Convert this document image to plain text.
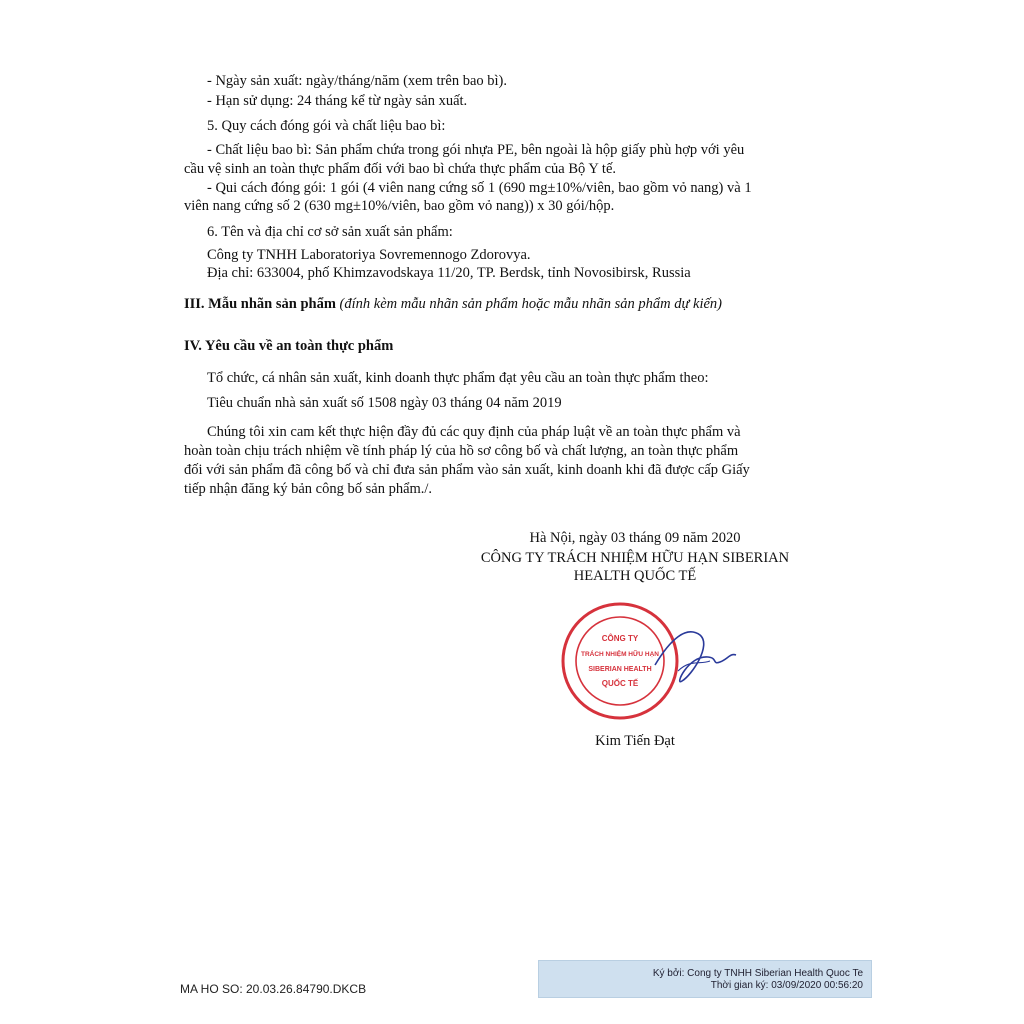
- Ngày sản xuất: ngày/tháng/năm (xem trên bao bì).
- Hạn sử dụng: 24 tháng kể từ ngày sản xuất.
5. Quy cách đóng gói và chất liệu bao bì:
- Chất liệu bao bì: Sản phẩm chứa trong gói nhựa PE, bên ngoài là hộp giấy phù hợp với yêu
cầu vệ sinh an toàn thực phẩm đối với bao bì chứa thực phẩm của Bộ Y tế.
- Qui cách đóng gói: 1 gói (4 viên nang cứng số 1 (690 mg±10%/viên, bao gồm vỏ nang) và 1
viên nang cứng số 2 (630 mg±10%/viên, bao gồm vỏ nang)) x 30 gói/hộp.
6. Tên và địa chỉ cơ sở sản xuất sản phẩm:
Công ty TNHH Laboratoriya Sovremennogo Zdorovya.
Địa chỉ: 633004, phố Khimzavodskaya 11/20, TP. Berdsk, tỉnh Novosibirsk, Russia
III. Mẫu nhãn sản phẩm (đính kèm mẫu nhãn sản phẩm hoặc mẫu nhãn sản phẩm dự kiến)
IV. Yêu cầu về an toàn thực phẩm
Tổ chức, cá nhân sản xuất, kinh doanh thực phẩm đạt yêu cầu an toàn thực phẩm theo:
Tiêu chuẩn nhà sản xuất số 1508 ngày 03 tháng 04 năm 2019
Chúng tôi xin cam kết thực hiện đầy đủ các quy định của pháp luật về an toàn thực phẩm và
hoàn toàn chịu trách nhiệm về tính pháp lý của hồ sơ công bố và chất lượng, an toàn thực phẩm
đối với sản phẩm đã công bố và chỉ đưa sản phẩm vào sản xuất, kinh doanh khi đã được cấp Giấy
tiếp nhận đăng ký bản công bố sản phẩm./.
Hà Nội, ngày 03 tháng 09 năm 2020
CÔNG TY TRÁCH NHIỆM HỮU HẠN SIBERIAN
HEALTH QUỐC TẾ
CÔNG TY
TRÁCH NHIỆM HỮU HẠN
SIBERIAN HEALTH
QUỐC TẾ
Kim Tiến Đạt
MA HO SO: 20.03.26.84790.DKCB
Ký bởi: Cong ty TNHH Siberian Health Quoc Te
Thời gian ký: 03/09/2020 00:56:20
